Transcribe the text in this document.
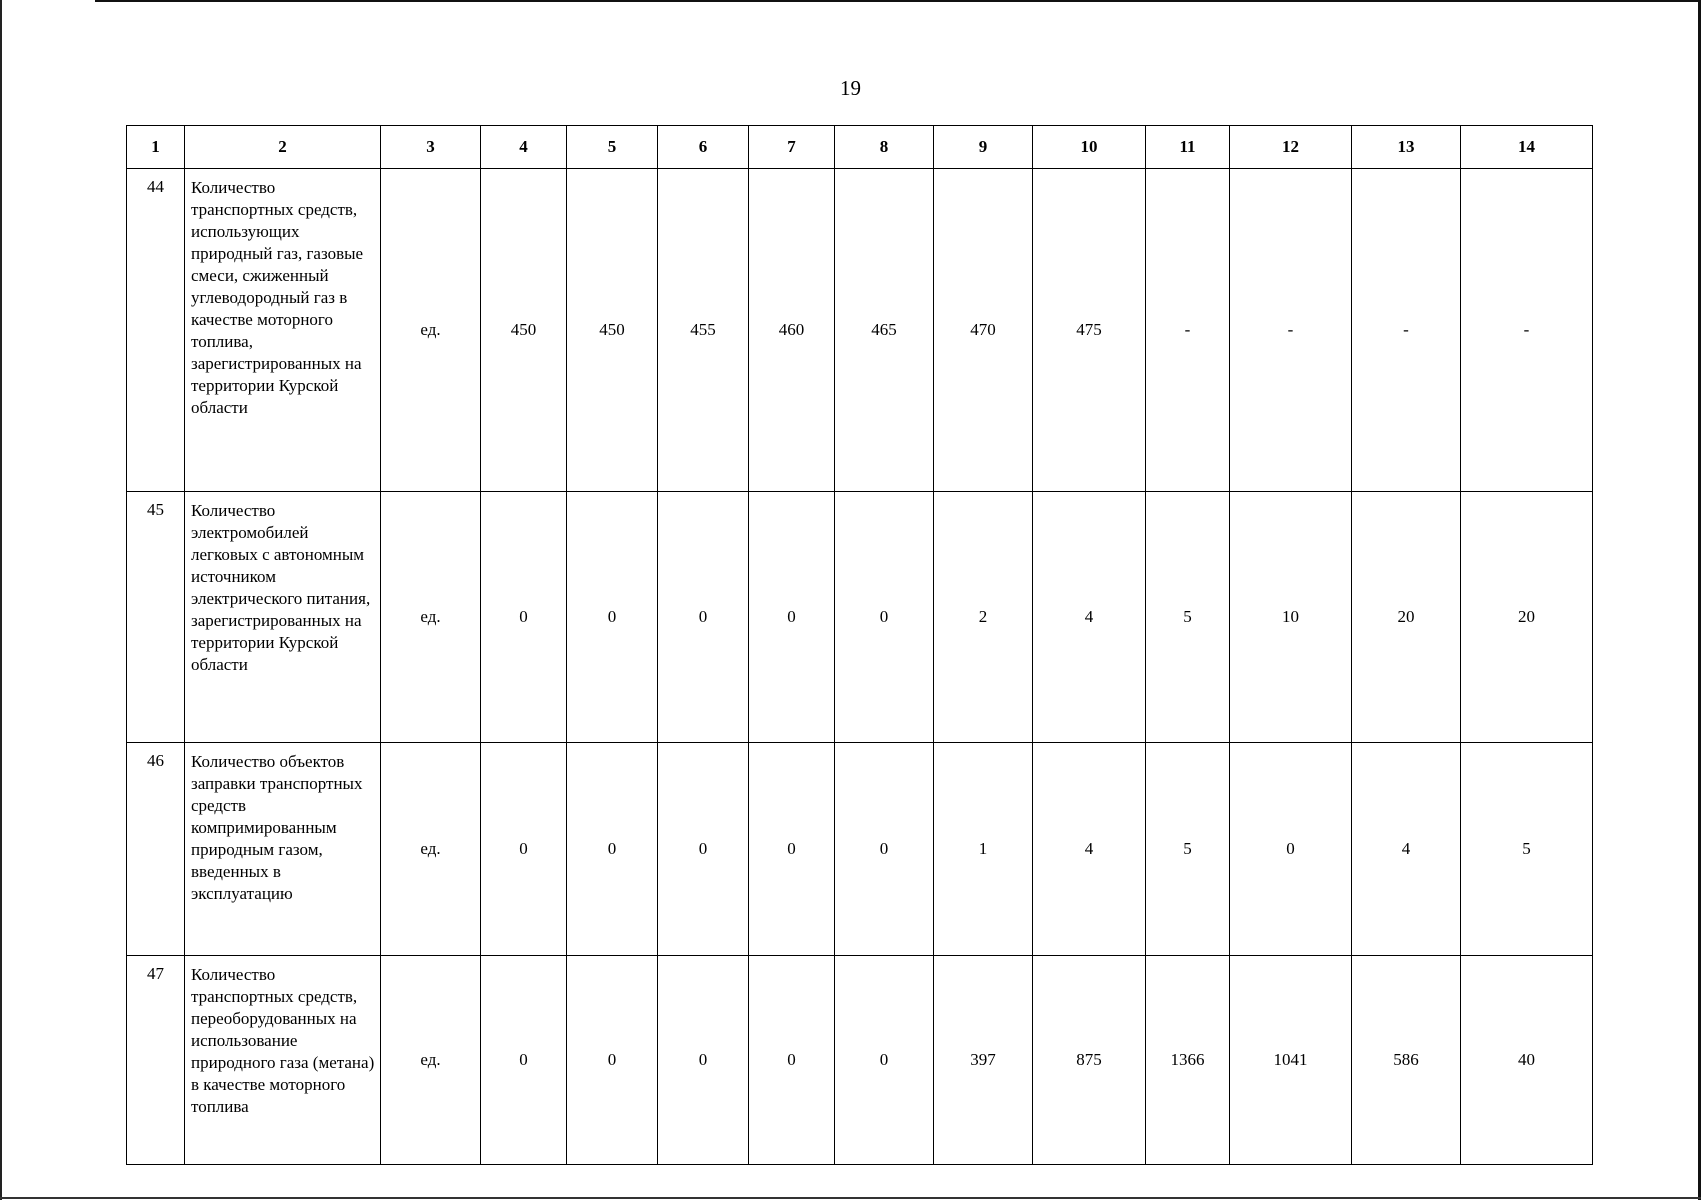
19
1	2	3	4	5	6	7	8	9	10	11	12	13	14
44	Количество транспортных средств, использующих природный газ, газовые смеси, сжиженный углеводородный газ в качестве моторного топлива, зарегистрированных на территории Курской области	ед.	450	450	455	460	465	470	475	-	-	-	-
45	Количество электромобилей легковых с автономным источником электрического питания, зарегистрированных на территории Курской области	ед.	0	0	0	0	0	2	4	5	10	20	20
46	Количество объектов заправки транспортных средств компримированным природным газом, введенных в эксплуатацию	ед.	0	0	0	0	0	1	4	5	0	4	5
47	Количество транспортных средств, переоборудованных на использование природного газа (метана) в качестве моторного топлива	ед.	0	0	0	0	0	397	875	1366	1041	586	40
